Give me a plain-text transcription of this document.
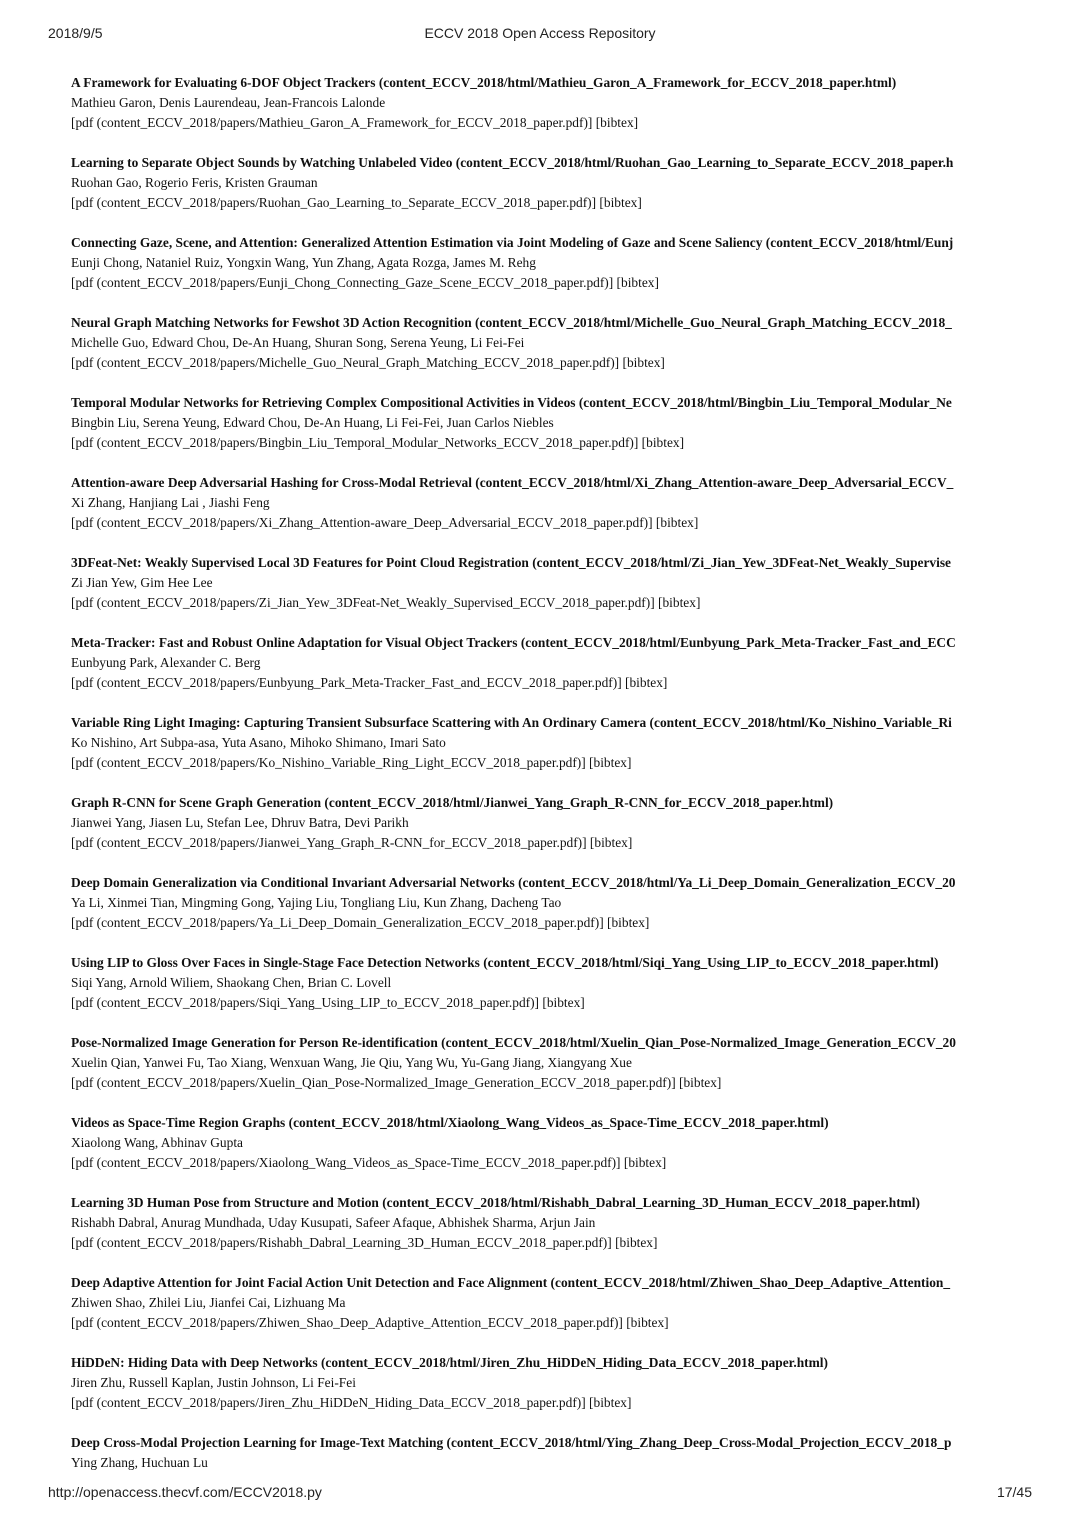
2018/9/5	ECCV 2018 Open Access Repository
A Framework for Evaluating 6-DOF Object Trackers (content_ECCV_2018/html/Mathieu_Garon_A_Framework_for_ECCV_2018_paper.html)
Mathieu Garon, Denis Laurendeau, Jean-Francois Lalonde
[pdf (content_ECCV_2018/papers/Mathieu_Garon_A_Framework_for_ECCV_2018_paper.pdf)] [bibtex]
Learning to Separate Object Sounds by Watching Unlabeled Video (content_ECCV_2018/html/Ruohan_Gao_Learning_to_Separate_ECCV_2018_paper.h
Ruohan Gao, Rogerio Feris, Kristen Grauman
[pdf (content_ECCV_2018/papers/Ruohan_Gao_Learning_to_Separate_ECCV_2018_paper.pdf)] [bibtex]
Connecting Gaze, Scene, and Attention: Generalized Attention Estimation via Joint Modeling of Gaze and Scene Saliency (content_ECCV_2018/html/Eunj
Eunji Chong, Nataniel Ruiz, Yongxin Wang, Yun Zhang, Agata Rozga, James M. Rehg
[pdf (content_ECCV_2018/papers/Eunji_Chong_Connecting_Gaze_Scene_ECCV_2018_paper.pdf)] [bibtex]
Neural Graph Matching Networks for Fewshot 3D Action Recognition (content_ECCV_2018/html/Michelle_Guo_Neural_Graph_Matching_ECCV_2018_
Michelle Guo, Edward Chou, De-An Huang, Shuran Song, Serena Yeung, Li Fei-Fei
[pdf (content_ECCV_2018/papers/Michelle_Guo_Neural_Graph_Matching_ECCV_2018_paper.pdf)] [bibtex]
Temporal Modular Networks for Retrieving Complex Compositional Activities in Videos (content_ECCV_2018/html/Bingbin_Liu_Temporal_Modular_Ne
Bingbin Liu, Serena Yeung, Edward Chou, De-An Huang, Li Fei-Fei, Juan Carlos Niebles
[pdf (content_ECCV_2018/papers/Bingbin_Liu_Temporal_Modular_Networks_ECCV_2018_paper.pdf)] [bibtex]
Attention-aware Deep Adversarial Hashing for Cross-Modal Retrieval (content_ECCV_2018/html/Xi_Zhang_Attention-aware_Deep_Adversarial_ECCV_
Xi Zhang, Hanjiang Lai , Jiashi Feng
[pdf (content_ECCV_2018/papers/Xi_Zhang_Attention-aware_Deep_Adversarial_ECCV_2018_paper.pdf)] [bibtex]
3DFeat-Net: Weakly Supervised Local 3D Features for Point Cloud Registration (content_ECCV_2018/html/Zi_Jian_Yew_3DFeat-Net_Weakly_Supervise
Zi Jian Yew, Gim Hee Lee
[pdf (content_ECCV_2018/papers/Zi_Jian_Yew_3DFeat-Net_Weakly_Supervised_ECCV_2018_paper.pdf)] [bibtex]
Meta-Tracker: Fast and Robust Online Adaptation for Visual Object Trackers (content_ECCV_2018/html/Eunbyung_Park_Meta-Tracker_Fast_and_ECC
Eunbyung Park, Alexander C. Berg
[pdf (content_ECCV_2018/papers/Eunbyung_Park_Meta-Tracker_Fast_and_ECCV_2018_paper.pdf)] [bibtex]
Variable Ring Light Imaging: Capturing Transient Subsurface Scattering with An Ordinary Camera (content_ECCV_2018/html/Ko_Nishino_Variable_Ri
Ko Nishino, Art Subpa-asa, Yuta Asano, Mihoko Shimano, Imari Sato
[pdf (content_ECCV_2018/papers/Ko_Nishino_Variable_Ring_Light_ECCV_2018_paper.pdf)] [bibtex]
Graph R-CNN for Scene Graph Generation (content_ECCV_2018/html/Jianwei_Yang_Graph_R-CNN_for_ECCV_2018_paper.html)
Jianwei Yang, Jiasen Lu, Stefan Lee, Dhruv Batra, Devi Parikh
[pdf (content_ECCV_2018/papers/Jianwei_Yang_Graph_R-CNN_for_ECCV_2018_paper.pdf)] [bibtex]
Deep Domain Generalization via Conditional Invariant Adversarial Networks (content_ECCV_2018/html/Ya_Li_Deep_Domain_Generalization_ECCV_20
Ya Li, Xinmei Tian, Mingming Gong, Yajing Liu, Tongliang Liu, Kun Zhang, Dacheng Tao
[pdf (content_ECCV_2018/papers/Ya_Li_Deep_Domain_Generalization_ECCV_2018_paper.pdf)] [bibtex]
Using LIP to Gloss Over Faces in Single-Stage Face Detection Networks (content_ECCV_2018/html/Siqi_Yang_Using_LIP_to_ECCV_2018_paper.html)
Siqi Yang, Arnold Wiliem, Shaokang Chen, Brian C. Lovell
[pdf (content_ECCV_2018/papers/Siqi_Yang_Using_LIP_to_ECCV_2018_paper.pdf)] [bibtex]
Pose-Normalized Image Generation for Person Re-identification (content_ECCV_2018/html/Xuelin_Qian_Pose-Normalized_Image_Generation_ECCV_20
Xuelin Qian, Yanwei Fu, Tao Xiang, Wenxuan Wang, Jie Qiu, Yang Wu, Yu-Gang Jiang, Xiangyang Xue
[pdf (content_ECCV_2018/papers/Xuelin_Qian_Pose-Normalized_Image_Generation_ECCV_2018_paper.pdf)] [bibtex]
Videos as Space-Time Region Graphs (content_ECCV_2018/html/Xiaolong_Wang_Videos_as_Space-Time_ECCV_2018_paper.html)
Xiaolong Wang, Abhinav Gupta
[pdf (content_ECCV_2018/papers/Xiaolong_Wang_Videos_as_Space-Time_ECCV_2018_paper.pdf)] [bibtex]
Learning 3D Human Pose from Structure and Motion (content_ECCV_2018/html/Rishabh_Dabral_Learning_3D_Human_ECCV_2018_paper.html)
Rishabh Dabral, Anurag Mundhada, Uday Kusupati, Safeer Afaque, Abhishek Sharma, Arjun Jain
[pdf (content_ECCV_2018/papers/Rishabh_Dabral_Learning_3D_Human_ECCV_2018_paper.pdf)] [bibtex]
Deep Adaptive Attention for Joint Facial Action Unit Detection and Face Alignment (content_ECCV_2018/html/Zhiwen_Shao_Deep_Adaptive_Attention_
Zhiwen Shao, Zhilei Liu, Jianfei Cai, Lizhuang Ma
[pdf (content_ECCV_2018/papers/Zhiwen_Shao_Deep_Adaptive_Attention_ECCV_2018_paper.pdf)] [bibtex]
HiDDeN: Hiding Data with Deep Networks (content_ECCV_2018/html/Jiren_Zhu_HiDDeN_Hiding_Data_ECCV_2018_paper.html)
Jiren Zhu, Russell Kaplan, Justin Johnson, Li Fei-Fei
[pdf (content_ECCV_2018/papers/Jiren_Zhu_HiDDeN_Hiding_Data_ECCV_2018_paper.pdf)] [bibtex]
Deep Cross-Modal Projection Learning for Image-Text Matching (content_ECCV_2018/html/Ying_Zhang_Deep_Cross-Modal_Projection_ECCV_2018_p
Ying Zhang, Huchuan Lu
http://openaccess.thecvf.com/ECCV2018.py	17/45
